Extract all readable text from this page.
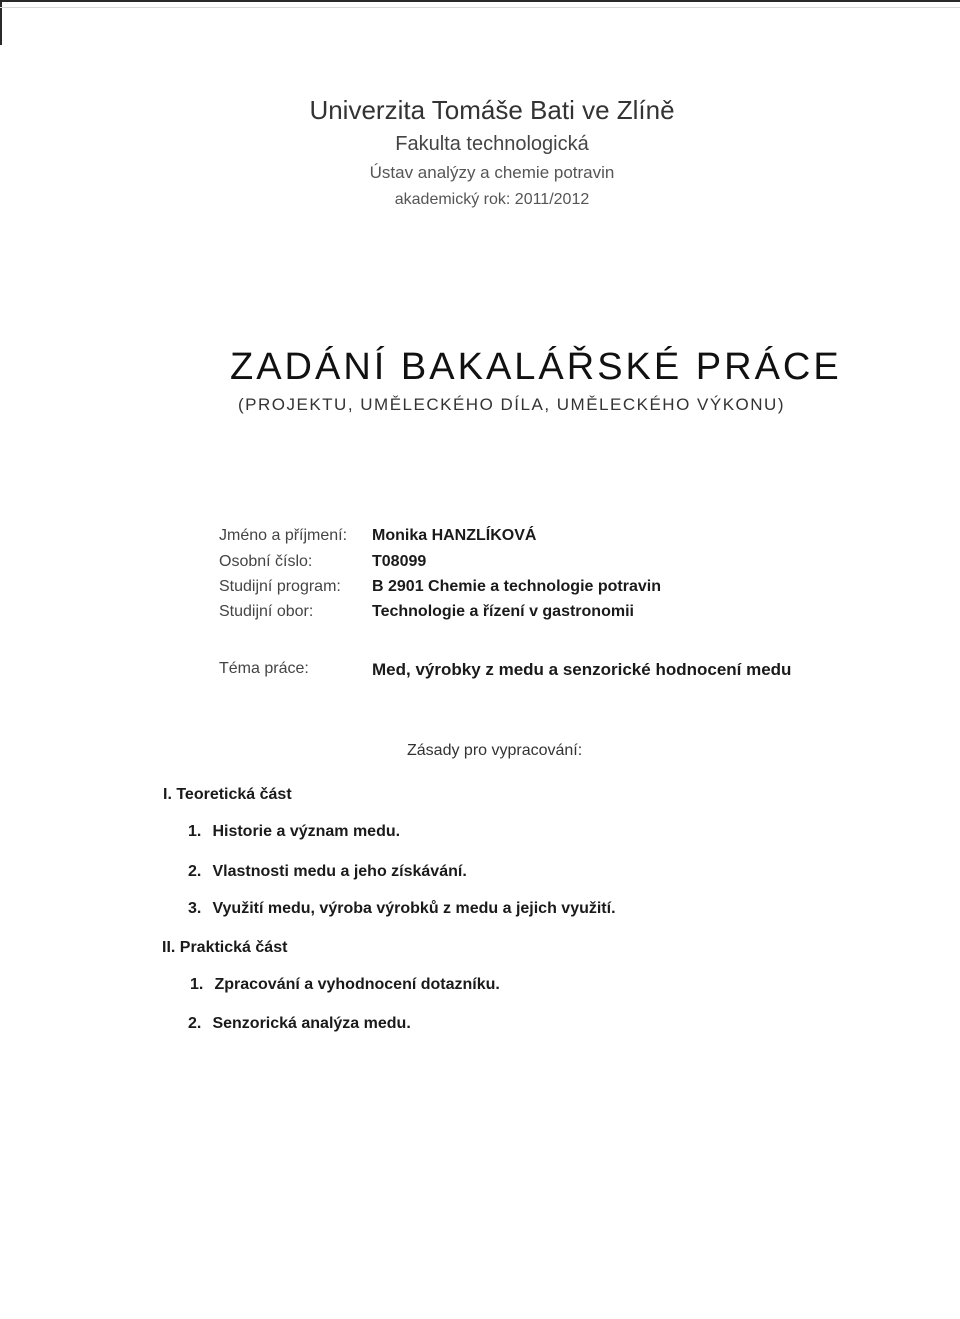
Univerzita Tomáše Bati ve Zlíně
Fakulta technologická
Ústav analýzy a chemie potravin
akademický rok: 2011/2012
ZADÁNÍ BAKALÁŘSKÉ PRÁCE
(PROJEKTU, UMĚLECKÉHO DÍLA, UMĚLECKÉHO VÝKONU)
Jméno a příjmení: Monika HANZLÍKOVÁ
Osobní číslo:	T08099
Studijní program: B 2901 Chemie a technologie potravin
Studijní obor:	Technologie a řízení v gastronomii
Téma práce:	Med, výrobky z medu a senzorické hodnocení medu
Zásady pro vypracování:
I. Teoretická část
1. Historie a význam medu.
2. Vlastnosti medu a jeho získávání.
3. Využití medu, výroba výrobků z medu a jejich využití.
II. Praktická část
1. Zpracování a vyhodnocení dotazníku.
2. Senzorická analýza medu.
